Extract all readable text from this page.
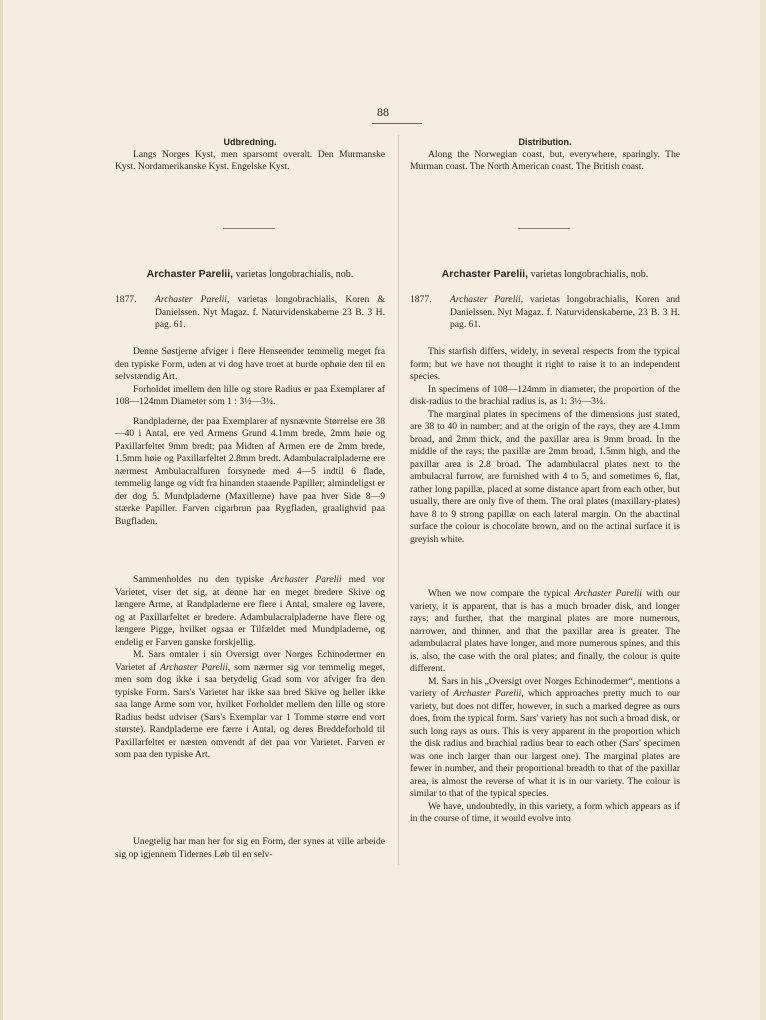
88
Udbredning.

Langs Norges Kyst, men sparsomt overalt. Den Murmanske Kyst. Nordamerikanske Kyst. Engelske Kyst.

Archaster Parelii, varietas longobrachialis, nob.
1877.	Archaster Parelii, varietas longobrachialis, Koren & Danielssen. Nyt Magaz. f. Naturvidenskaberne 23 B. 3 H. pag. 61.

Denne Søstjerne afviger i flere Henseender temmelig meget fra den typiske Form, uden at vi dog have troet at burde ophøie den til en selvstændig Art.

Forholdet imellem den lille og store Radius er paa Exemplarer af 108—124mm Diameter som 1 : 3½—3¼.

Randpladerne, der paa Exemplarer af nysnævnte Størrelse ere 38—40 i Antal, ere ved Armens Grund 4.1mm brede, 2mm høie og Paxillarfeltet 9mm bredt; paa Midten af Armen ere de 2mm brede, 1.5mm høie og Paxillarfeltet 2.8mm bredt. Adambulacralpladerne ere nærmest Ambulacralfuren forsynede med 4—5 indtil 6 flade, temmelig lange og vidt fra hinanden staaende Papiller; almindeligst er der dog 5. Mundpladerne (Maxillerne) have paa hver Side 8—9 stærke Papiller. Farven cigarbrun paa Rygfladen, graalighvid paa Bugfladen.

Sammenholdes nu den typiske Archaster Parelii med vor Varietet, viser det sig, at denne har en meget bredere Skive og længere Arme, at Randpladerne ere flere i Antal, smalere og lavere, og at Paxillarfeltet er bredere. Adambulacralpladerne have flere og længere Pigge, hvilket ogsaa er Tilfældet med Mundpladerne, og endelig er Farven ganske forskjellig.

M. Sars omtaler i sin Oversigt over Norges Echinodermer en Varietet af Archaster Parelii, som nærmer sig vor temmelig meget, men som dog ikke i saa betydelig Grad som vor afviger fra den typiske Form. Sars's Varietet har ikke saa bred Skive og heller ikke saa lange Arme som vor, hvilket Forholdet mellem den lille og store Radius bedst udviser (Sars's Exemplar var 1 Tomme større end vort største). Randpladerne ere færre i Antal, og deres Breddeforhold til Paxillarfeltet er næsten omvendt af det paa vor Varietet. Farven er som paa den typiske Art.

Unegtelig har man her for sig en Form, der synes at ville arbeide sig op igjennem Tidernes Løb til en selv-

Distribution.

Along the Norwegian coast, but, everywhere, sparingly. The Murman coast. The North American coast. The British coast.

Archaster Parelii, varietas longobrachialis, nob.
1877.	Archaster Parelii, varietas longobrachialis, Koren and Danielssen. Nyt Magaz. f. Naturvidenskaberne, 23 B. 3 H. pag. 61.

This starfish differs, widely, in several respects from the typical form; but we have not thought it right to raise it to an independent species.

In specimens of 108—124mm in diameter, the proportion of the disk-radius to the brachial radius is, as 1: 3½—3¼.

The marginal plates in specimens of the dimensions just stated, are 38 to 40 in number; and at the origin of the rays, they are 4.1mm broad, and 2mm thick, and the paxillar area is 9mm broad. In the middle of the rays; the paxillæ are 2mm broad, 1.5mm high, and the paxillar area is 2.8 broad. The adambulacral plates next to the ambulacral furrow, are furnished with 4 to 5, and sometimes 6, flat, rather long papillæ, placed at some distance apart from each other, but usually, there are only five of them. The oral plates (maxillary-plates) have 8 to 9 strong papillæ on each lateral margin. On the abactinal surface the colour is chocolate brown, and on the actinal surface it is greyish white.

When we now compare the typical Archaster Parelii with our variety, it is apparent, that is has a much broader disk, and longer rays; and further, that the marginal plates are more numerous, narrower, and thinner, and that the paxillar area is greater. The adambulacral plates have longer, and more numerous spines, and this is, also, the case with the oral plates; and finally, the colour is quite different.

M. Sars in his „Oversigt over Norges Echinodermer“, mentions a variety of Archaster Parelii, which approaches pretty much to our variety, but does not differ, however, in such a marked degree as ours does, from the typical form. Sars' variety has not such a broad disk, or such long rays as ours. This is very apparent in the proportion which the disk radius and brachial radius bear to each other (Sars' specimen was one inch larger than our largest one). The marginal plates are fewer in number, and their proportional breadth to that of the paxillar area, is almost the reverse of what it is in our variety. The colour is similar to that of the typical species.

We have, undoubtedly, in this variety, a form which appears as if in the course of time, it would evolve into
